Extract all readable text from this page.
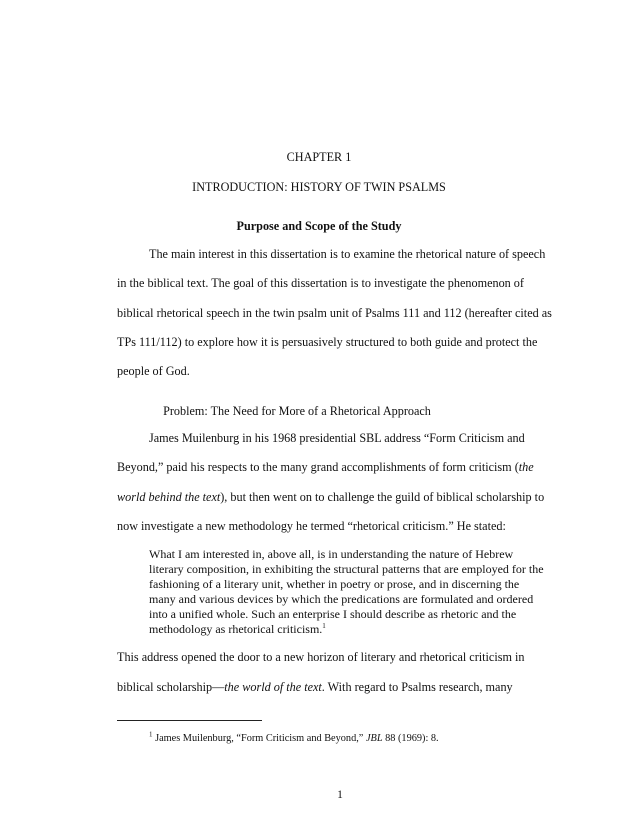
CHAPTER 1
INTRODUCTION: HISTORY OF TWIN PSALMS
Purpose and Scope of the Study
The main interest in this dissertation is to examine the rhetorical nature of speech
in the biblical text. The goal of this dissertation is to investigate the phenomenon of
biblical rhetorical speech in the twin psalm unit of Psalms 111 and 112 (hereafter cited as
TPs 111/112) to explore how it is persuasively structured to both guide and protect the
people of God.
Problem: The Need for More of a Rhetorical Approach
James Muilenburg in his 1968 presidential SBL address “Form Criticism and
Beyond,” paid his respects to the many grand accomplishments of form criticism (the
world behind the text), but then went on to challenge the guild of biblical scholarship to
now investigate a new methodology he termed “rhetorical criticism.” He stated:
What I am interested in, above all, is in understanding the nature of Hebrew
literary composition, in exhibiting the structural patterns that are employed for the
fashioning of a literary unit, whether in poetry or prose, and in discerning the
many and various devices by which the predications are formulated and ordered
into a unified whole. Such an enterprise I should describe as rhetoric and the
methodology as rhetorical criticism.$^1$
This address opened the door to a new horizon of literary and rhetorical criticism in
biblical scholarship—the world of the text. With regard to Psalms research, many
$^1$ James Muilenburg, “Form Criticism and Beyond,” JBL 88 (1969): 8.
1
